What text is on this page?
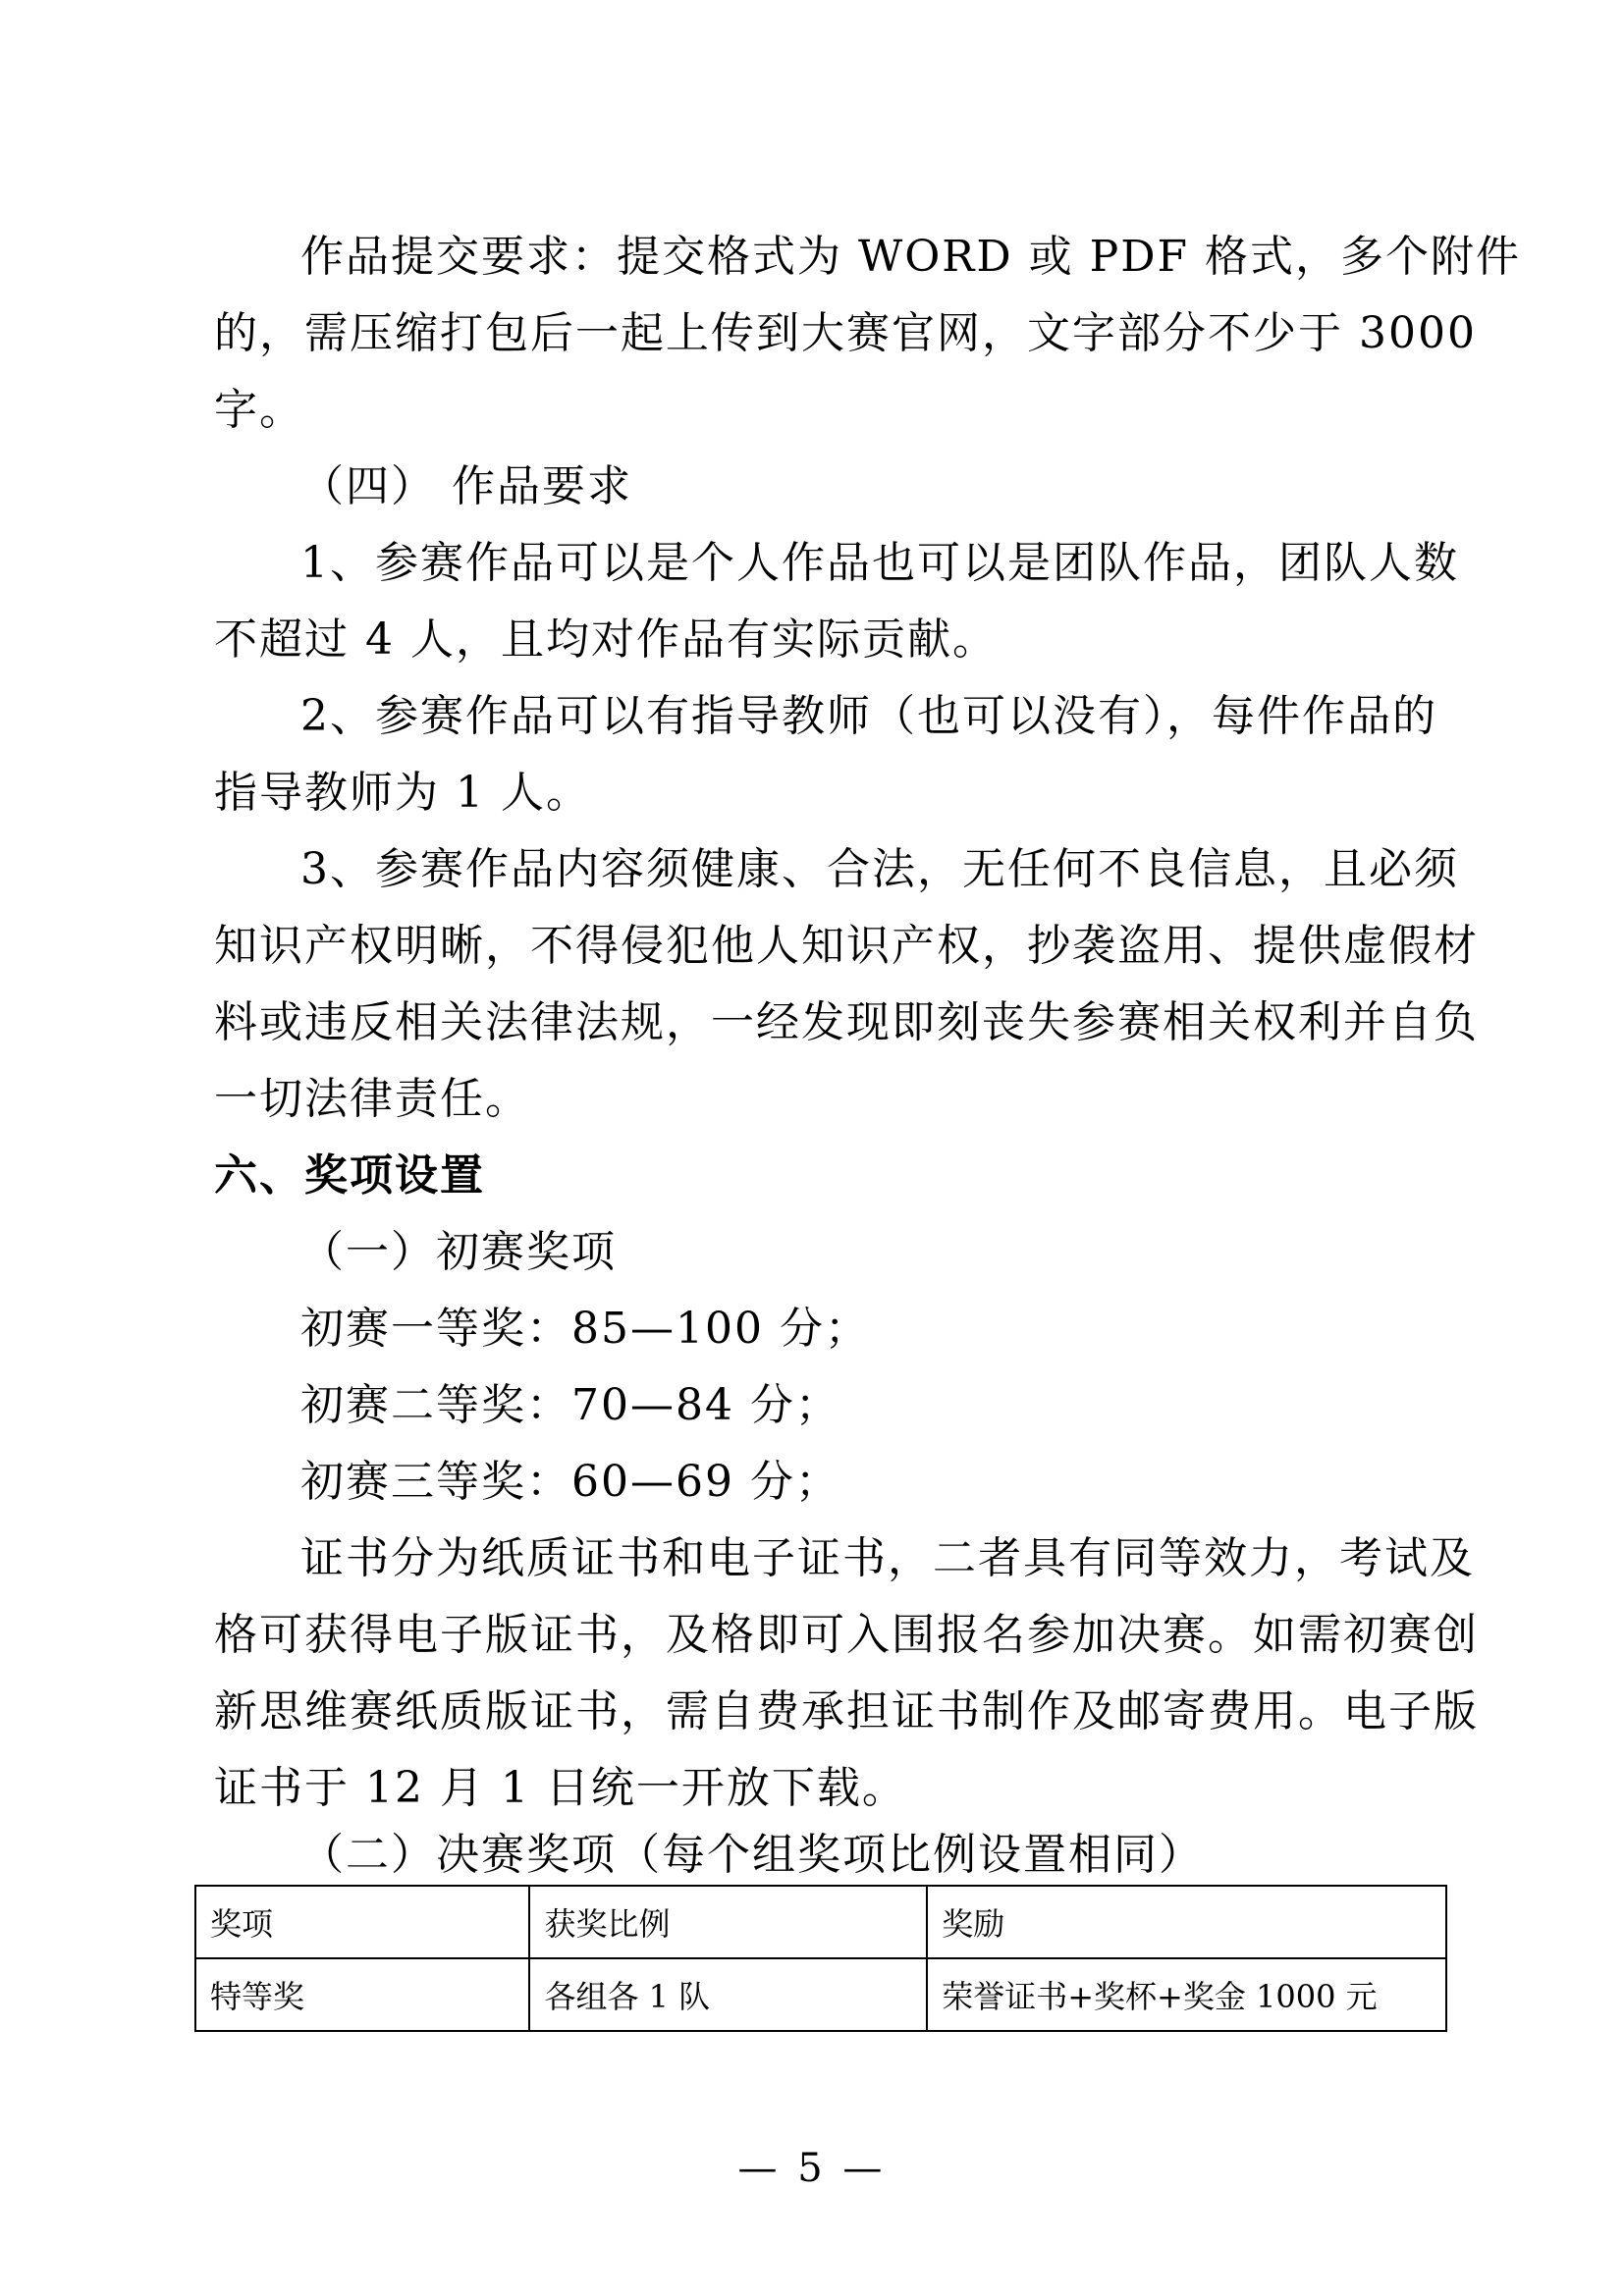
作品提交要求：提交格式为 WORD 或 PDF 格式，多个附件
的，需压缩打包后一起上传到大赛官网，文字部分不少于 3000
字。
（四） 作品要求
1、参赛作品可以是个人作品也可以是团队作品，团队人数
不超过 4 人，且均对作品有实际贡献。
2、参赛作品可以有指导教师（也可以没有），每件作品的
指导教师为 1 人。
3、参赛作品内容须健康、合法，无任何不良信息，且必须
知识产权明晰，不得侵犯他人知识产权，抄袭盗用、提供虚假材
料或违反相关法律法规，一经发现即刻丧失参赛相关权利并自负
一切法律责任。
六、奖项设置
（一）初赛奖项
初赛一等奖：85—100 分；
初赛二等奖：70—84 分；
初赛三等奖：60—69 分；
证书分为纸质证书和电子证书，二者具有同等效力，考试及
格可获得电子版证书，及格即可入围报名参加决赛。如需初赛创
新思维赛纸质版证书，需自费承担证书制作及邮寄费用。电子版
证书于 12 月 1 日统一开放下载。
（二）决赛奖项（每个组奖项比例设置相同）
奖项	获奖比例	奖励
特等奖	各组各 1 队	荣誉证书+奖杯+奖金 1000 元
— 5 —
